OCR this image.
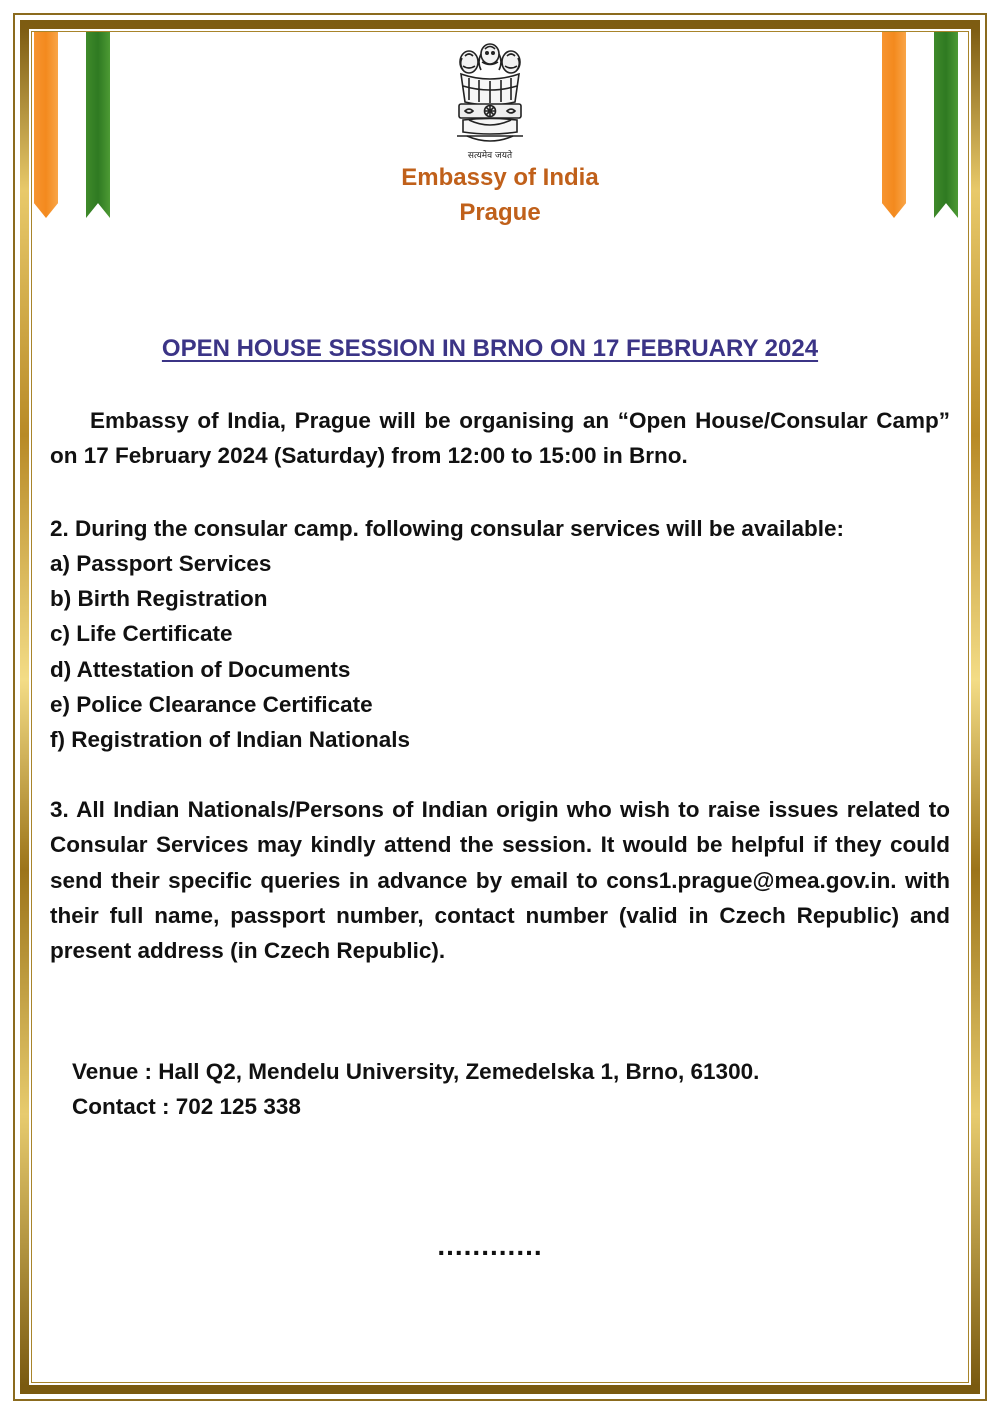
सत्यमेव जयते
Embassy of India
Prague
OPEN HOUSE SESSION IN BRNO ON 17 FEBRUARY 2024

Embassy of India, Prague will be organising an “Open House/Consular Camp” on 17 February 2024 (Saturday) from 12:00 to 15:00 in Brno.

2. During the consular camp. following consular services will be available:

a) Passport Services
b) Birth Registration
c) Life Certificate
d) Attestation of Documents
e) Police Clearance Certificate
f) Registration of Indian Nationals

3. All Indian Nationals/Persons of Indian origin who wish to raise issues related to Consular Services may kindly attend the session. It would be helpful if they could send their specific queries in advance by email to cons1.prague@mea.gov.in. with their full name, passport number, contact number (valid in Czech Republic) and present address (in Czech Republic).

Venue : Hall Q2, Mendelu University, Zemedelska 1, Brno, 61300.
Contact : 702 125 338
............
